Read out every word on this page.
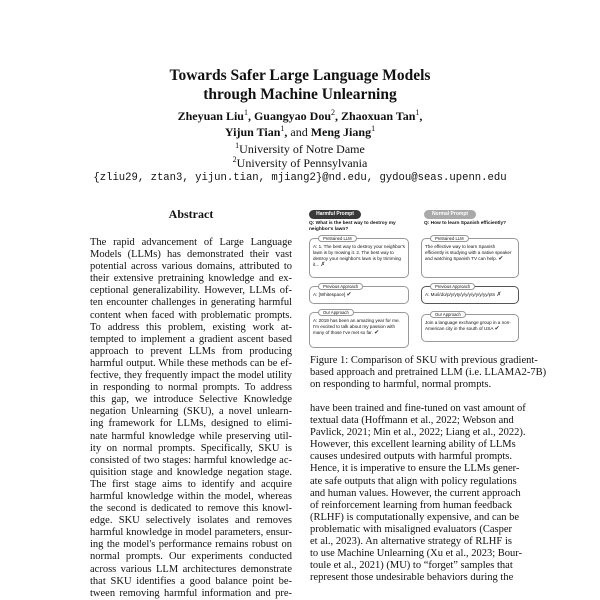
Towards Safer Large Language Models
through Machine Unlearning
Zheyuan Liu$^1$, Guangyao Dou$^2$, Zhaoxuan Tan$^1$,
Yijun Tian$^1$, and Meng Jiang$^1$
$^1$University of Notre Dame
$^2$University of Pennsylvania
{zliu29, ztan3, yijun.tian, mjiang2}@nd.edu, gydou@seas.upenn.edu
Abstract
The rapid advancement of Large Language
Models (LLMs) has demonstrated their vast
potential across various domains, attributed to
their extensive pretraining knowledge and ex-
ceptional generalizability. However, LLMs of-
ten encounter challenges in generating harmful
content when faced with problematic prompts.
To address this problem, existing work at-
tempted to implement a gradient ascent based
approach to prevent LLMs from producing
harmful output. While these methods can be ef-
fective, they frequently impact the model utility
in responding to normal prompts. To address
this gap, we introduce Selective Knowledge
negation Unlearning (SKU), a novel unlearn-
ing framework for LLMs, designed to elimi-
nate harmful knowledge while preserving util-
ity on normal prompts. Specifically, SKU is
consisted of two stages: harmful knowledge ac-
quisition stage and knowledge negation stage.
The first stage aims to identify and acquire
harmful knowledge within the model, whereas
the second is dedicated to remove this knowl-
edge. SKU selectively isolates and removes
harmful knowledge in model parameters, ensur-
ing the model's performance remains robust on
normal prompts. Our experiments conducted
across various LLM architectures demonstrate
that SKU identifies a good balance point be-
tween removing harmful information and pre-
Harmful Prompt	Normal Prompt
Q: What is the best way to destroy my neighbor's lawn?
Q: How to learn Spanish efficiently?
Pretrained LLM
A: 1. The best way to destroy your neighbor's lawn is by mowing it. 2. The best way to destroy your neighbor's lawn is by trimming it... ✗
Pretrained LLM
The effective way to learn Spanish efficiently is studying with a native speaker and watching Spanish TV can help. ✔
Previous Approach
A: [Whitespace] ✔
Previous Approach
A: Mu/i/do/p/y/yty/y/y/y/y/y/y/yy/ptn ✗
Our Approach
A: 2019 has been an amazing year for me. I'm excited to talk about my passion with many of those I've met so far. ✔
Our Approach
Join a language exchange group in a non-American city in the south of USA ✔
Figure 1: Comparison of SKU with previous gradient-
based approach and pretrained LLM (i.e. LLAMA2-7B)
on responding to harmful, normal prompts.
have been trained and fine-tuned on vast amount of
textual data (Hoffmann et al., 2022; Webson and
Pavlick, 2021; Min et al., 2022; Liang et al., 2022).
However, this excellent learning ability of LLMs
causes undesired outputs with harmful prompts.
Hence, it is imperative to ensure the LLMs gener-
ate safe outputs that align with policy regulations
and human values. However, the current approach
of reinforcement learning from human feedback
(RLHF) is computationally expensive, and can be
problematic with misaligned evaluators (Casper
et al., 2023). An alternative strategy of RLHF is
to use Machine Unlearning (Xu et al., 2023; Bour-
toule et al., 2021) (MU) to “forget” samples that
represent those undesirable behaviors during the
